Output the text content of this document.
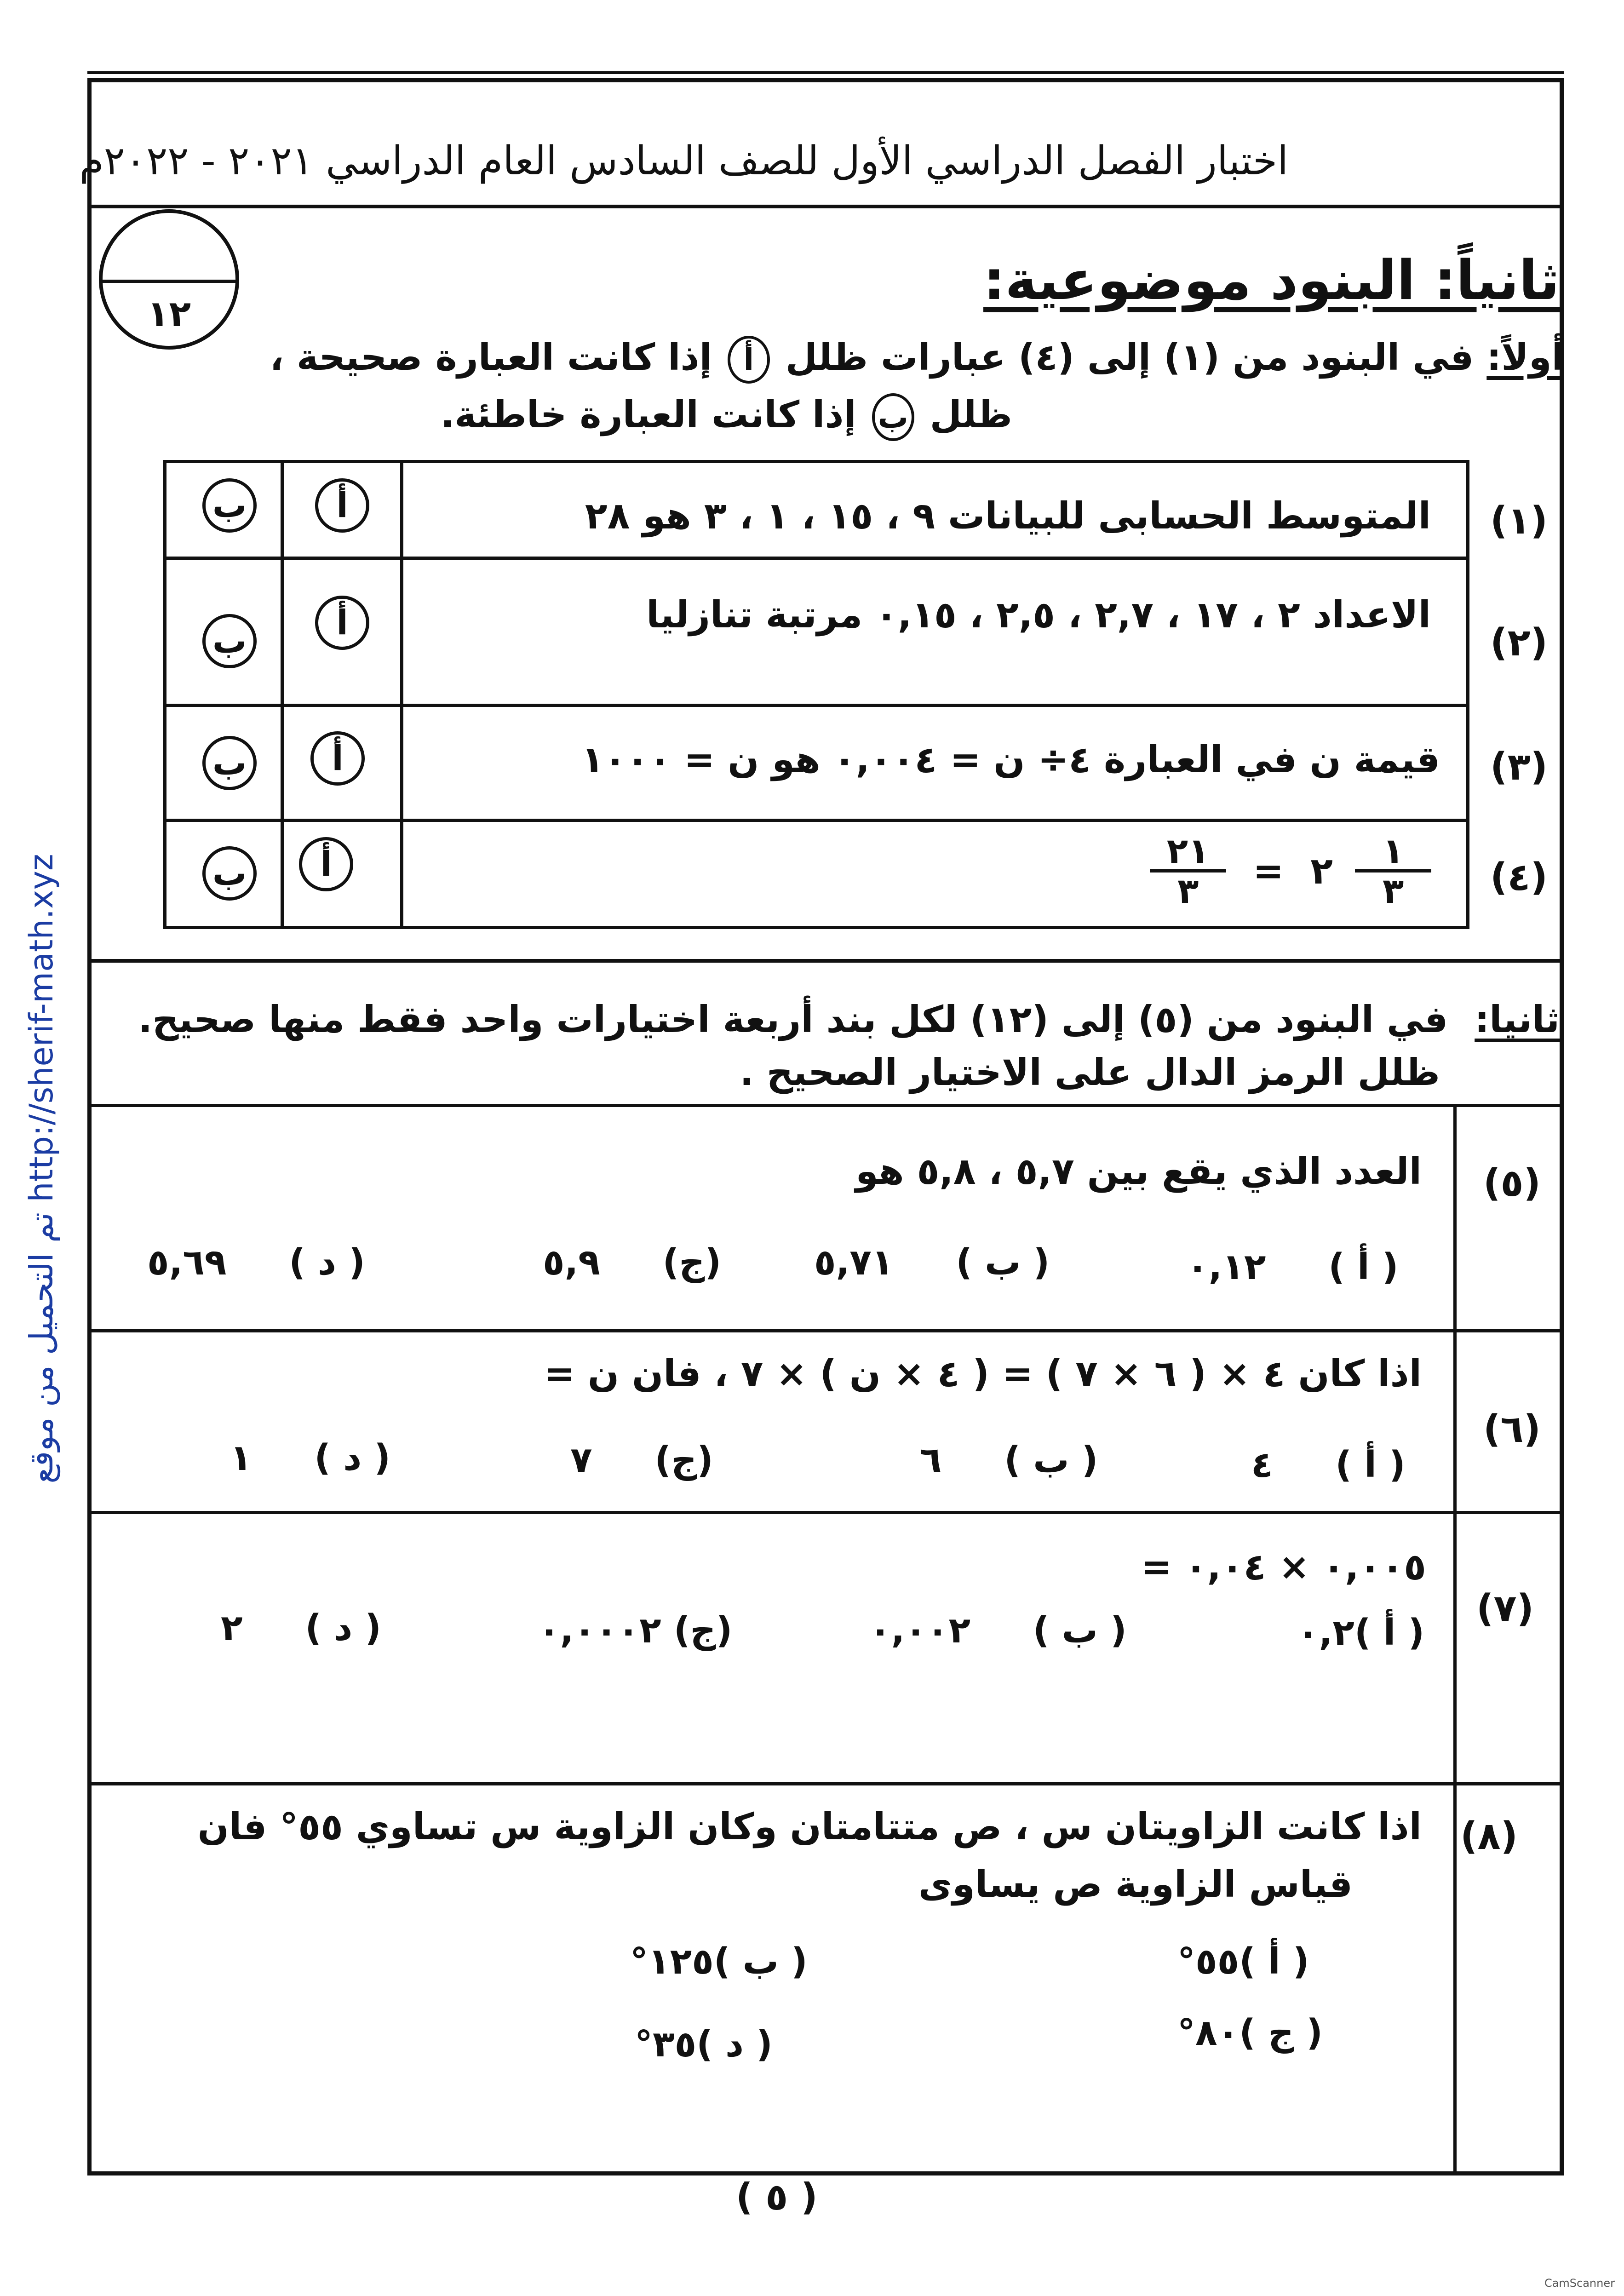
اختبار الفصل الدراسي الأول للصف السادس العام الدراسي ٢٠٢١ - ٢٠٢٢م
١٢
ثانياً: البنود موضوعية:
أولاً: في البنود من (١) إلى (٤) عبارات ظلل أ إذا كانت العبارة صحيحة ،
ظلل ب إذا كانت العبارة خاطئة.
(١)
المتوسط الحسابى للبيانات ٩ ، ١٥ ، ١ ، ٣ هو ٢٨
أ
ب
(٢)
الاعداد ٢ ، ١٧ ، ٢,٧ ، ٢,٥ ، ٠,١٥ مرتبة تنازليا
أ
ب
(٣)
قيمة ن في العبارة ٤÷ ن = ٠,٠٠٤ هو ن = ١٠٠٠
أ
ب
(٤)
$\frac{٢١}{٣}$ = ٢ $\frac{١}{٣}$
أ
ب
ثانيا: في البنود من (٥) إلى (١٢) لكل بند أربعة اختيارات واحد فقط منها صحيح.
ظلل الرمز الدال على الاختيار الصحيح .
(٥)
العدد الذي يقع بين ٥,٧ ، ٥,٨ هو
( أ )     ٠,١٢
( ب )     ٥,٧١
(ج)     ٥,٩
( د )     ٥,٦٩
(٦)
اذا كان ٤ × ( ٦ × ٧ ) = ( ٤ × ن ) × ٧ ، فان ن =
( أ )     ٤
( ب )     ٦
(ج)     ٧
( د )     ١
(٧)
٠,٠٠٥ × ٠,٠٤ =
( أ )٠,٢
( ب )     ٠,٠٠٢
(ج) ٠,٠٠٠٢
( د )     ٢
(٨)
اذا كانت الزاويتان س ، ص متتامتان وكان الزاوية س تساوي ٥٥° فان
قياس الزاوية ص يساوى
( أ )٥٥°
( ب )١٢٥°
( ج )٨٠°
( د )٣٥°
http://sherif-math.xyz تم التحميل من موقع
( ٥ )
CamScanner
